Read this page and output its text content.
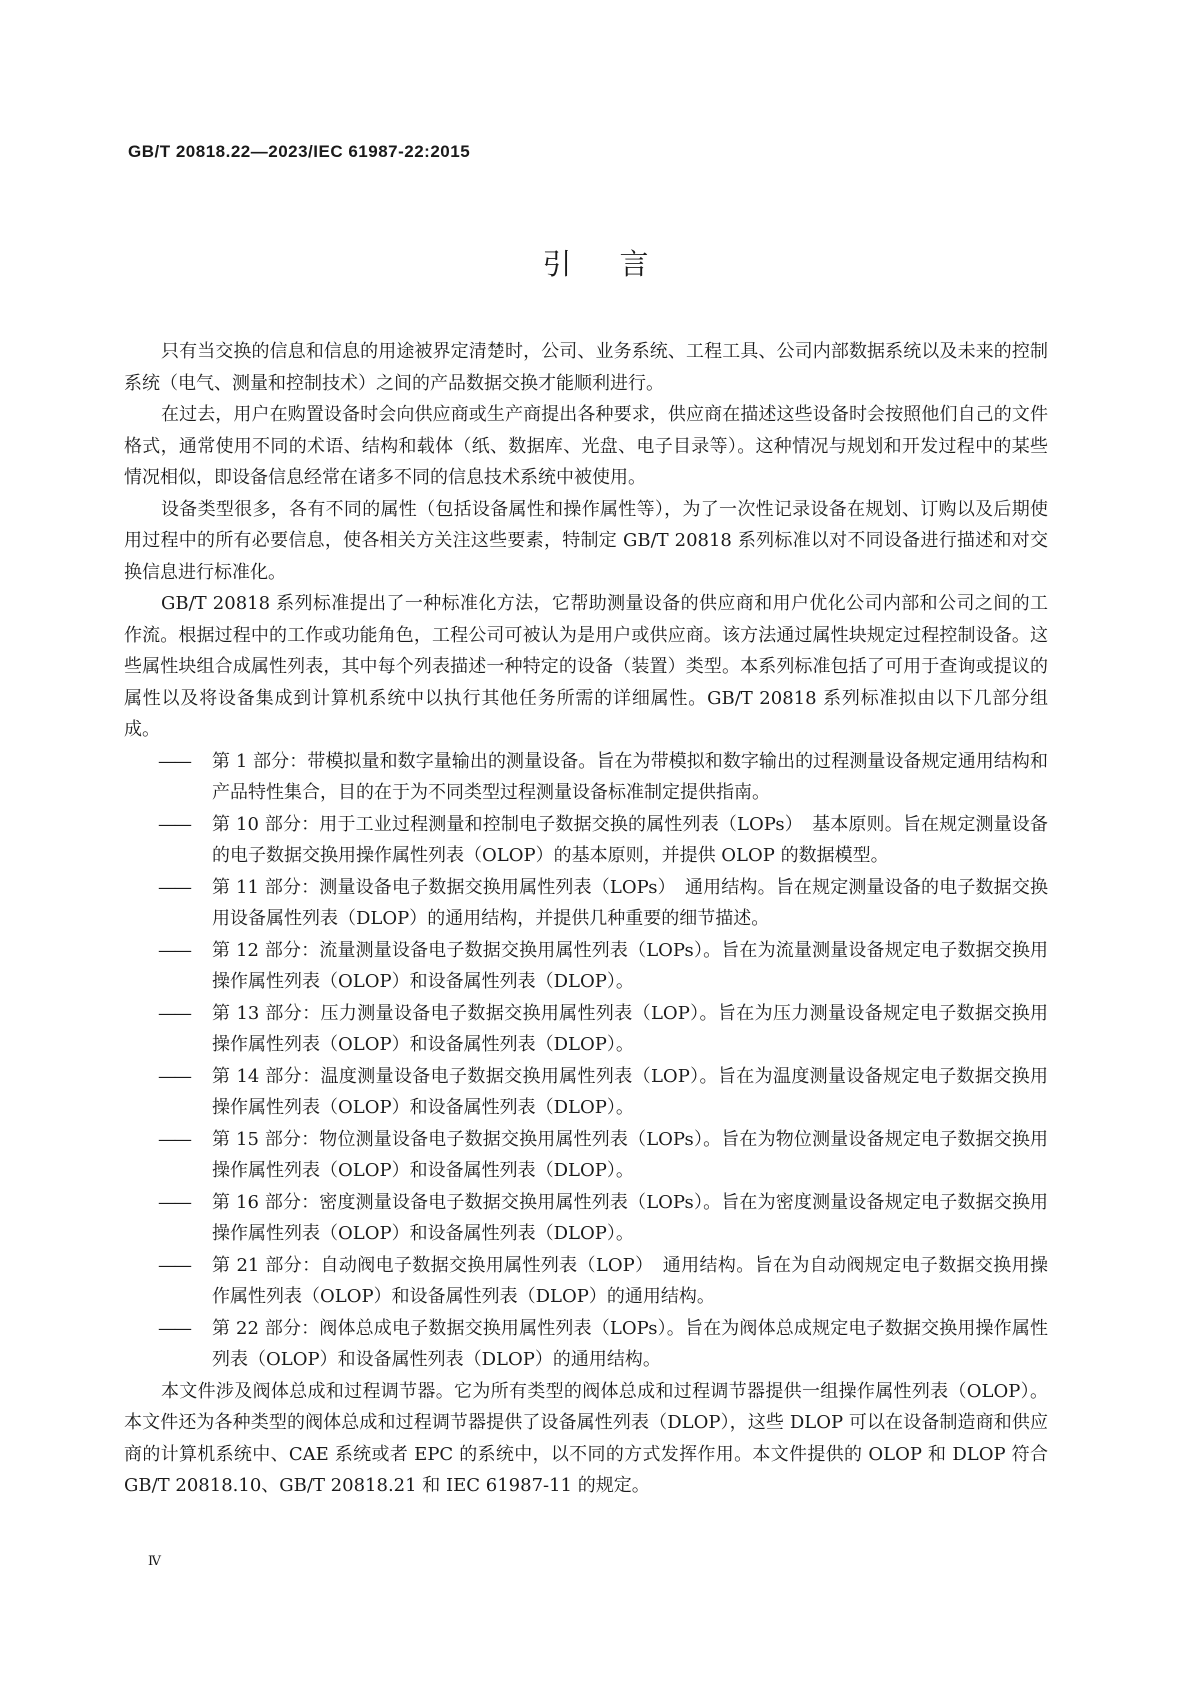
GB/T 20818.22—2023/IEC 61987-22:2015
引言

只有当交换的信息和信息的用途被界定清楚时，公司、业务系统、工程工具、公司内部数据系统以及未来的控制系统（电气、测量和控制技术）之间的产品数据交换才能顺利进行。

在过去，用户在购置设备时会向供应商或生产商提出各种要求，供应商在描述这些设备时会按照他们自己的文件格式，通常使用不同的术语、结构和载体（纸、数据库、光盘、电子目录等）。这种情况与规划和开发过程中的某些情况相似，即设备信息经常在诸多不同的信息技术系统中被使用。

设备类型很多，各有不同的属性（包括设备属性和操作属性等），为了一次性记录设备在规划、订购以及后期使用过程中的所有必要信息，使各相关方关注这些要素，特制定 GB/T 20818 系列标准以对不同设备进行描述和对交换信息进行标准化。

GB/T 20818 系列标准提出了一种标准化方法，它帮助测量设备的供应商和用户优化公司内部和公司之间的工作流。根据过程中的工作或功能角色，工程公司可被认为是用户或供应商。该方法通过属性块规定过程控制设备。这些属性块组合成属性列表，其中每个列表描述一种特定的设备（装置）类型。本系列标准包括了可用于查询或提议的属性以及将设备集成到计算机系统中以执行其他任务所需的详细属性。GB/T 20818 系列标准拟由以下几部分组成。

——	第 1 部分：带模拟量和数字量输出的测量设备。旨在为带模拟和数字输出的过程测量设备规定通用结构和产品特性集合，目的在于为不同类型过程测量设备标准制定提供指南。
——	第 10 部分：用于工业过程测量和控制电子数据交换的属性列表（LOPs）　基本原则。旨在规定测量设备的电子数据交换用操作属性列表（OLOP）的基本原则，并提供 OLOP 的数据模型。
——	第 11 部分：测量设备电子数据交换用属性列表（LOPs）　通用结构。旨在规定测量设备的电子数据交换用设备属性列表（DLOP）的通用结构，并提供几种重要的细节描述。
——	第 12 部分：流量测量设备电子数据交换用属性列表（LOPs）。旨在为流量测量设备规定电子数据交换用操作属性列表（OLOP）和设备属性列表（DLOP）。
——	第 13 部分：压力测量设备电子数据交换用属性列表（LOP）。旨在为压力测量设备规定电子数据交换用操作属性列表（OLOP）和设备属性列表（DLOP）。
——	第 14 部分：温度测量设备电子数据交换用属性列表（LOP）。旨在为温度测量设备规定电子数据交换用操作属性列表（OLOP）和设备属性列表（DLOP）。
——	第 15 部分：物位测量设备电子数据交换用属性列表（LOPs）。旨在为物位测量设备规定电子数据交换用操作属性列表（OLOP）和设备属性列表（DLOP）。
——	第 16 部分：密度测量设备电子数据交换用属性列表（LOPs）。旨在为密度测量设备规定电子数据交换用操作属性列表（OLOP）和设备属性列表（DLOP）。
——	第 21 部分：自动阀电子数据交换用属性列表（LOP）　通用结构。旨在为自动阀规定电子数据交换用操作属性列表（OLOP）和设备属性列表（DLOP）的通用结构。
——	第 22 部分：阀体总成电子数据交换用属性列表（LOPs）。旨在为阀体总成规定电子数据交换用操作属性列表（OLOP）和设备属性列表（DLOP）的通用结构。

本文件涉及阀体总成和过程调节器。它为所有类型的阀体总成和过程调节器提供一组操作属性列表（OLOP）。本文件还为各种类型的阀体总成和过程调节器提供了设备属性列表（DLOP），这些 DLOP 可以在设备制造商和供应商的计算机系统中、CAE 系统或者 EPC 的系统中，以不同的方式发挥作用。本文件提供的 OLOP 和 DLOP 符合 GB/T 20818.10、GB/T 20818.21 和 IEC 61987-11 的规定。

Ⅳ
